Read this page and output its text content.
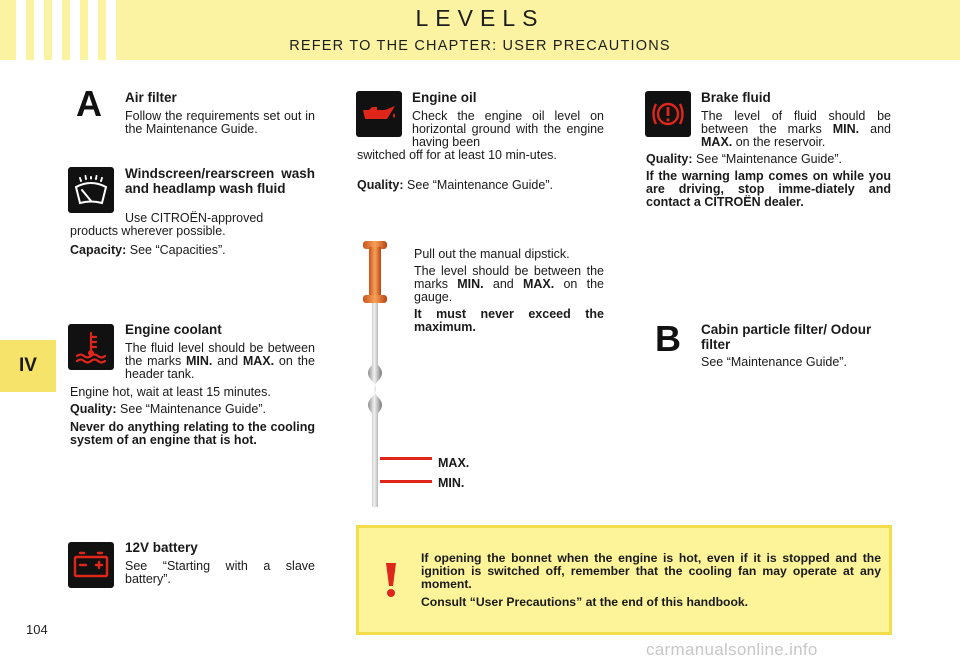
LEVELS
REFER TO THE CHAPTER: USER PRECAUTIONS
IV
104
carmanualsonline.info
A Air filter
Follow the requirements set out in the Maintenance Guide.
Windscreen/rearscreen wash and headlamp wash fluid
Use CITROËN-approved
products wherever possible.
Capacity: See “Capacities”.
Engine coolant
The fluid level should be between the marks MIN. and MAX. on the header tank.
Engine hot, wait at least 15 minutes.
Quality: See “Maintenance Guide”.
Never do anything relating to the cooling system of an engine that is hot.
12V battery
See “Starting with a slave battery”.
Engine oil
Check the engine oil level on horizontal ground with the engine having been
switched off for at least 10 min-utes.
Quality: See “Maintenance Guide”.
MAX.
MIN.
Pull out the manual dipstick.
The level should be between the marks MIN. and MAX. on the gauge.
It must never exceed the maximum.
Brake fluid
The level of fluid should be between the marks MIN. and MAX. on the reservoir.
Quality: See “Maintenance Guide”.
If the warning lamp comes on while you are driving, stop imme-diately and contact a CITROËN dealer.
B Cabin particle filter/ Odour filter
See “Maintenance Guide”.
If opening the bonnet when the engine is hot, even if it is stopped and the ignition is switched off, remember that the cooling fan may operate at any moment.
Consult “User Precautions” at the end of this handbook.
